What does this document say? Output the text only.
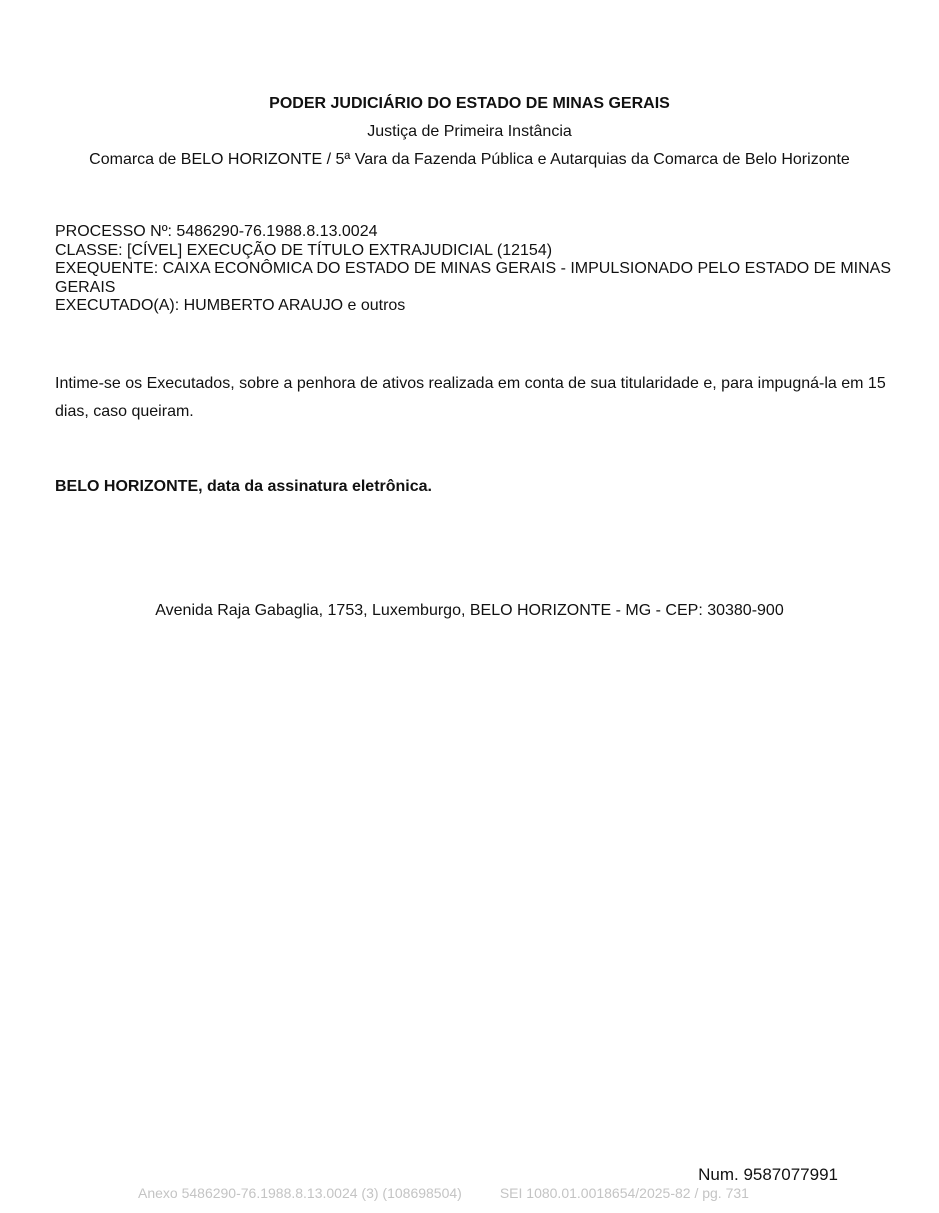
PODER JUDICIÁRIO DO ESTADO DE MINAS GERAIS
Justiça de Primeira Instância
Comarca de BELO HORIZONTE / 5ª Vara da Fazenda Pública e Autarquias da Comarca de Belo Horizonte
PROCESSO Nº: 5486290-76.1988.8.13.0024
CLASSE: [CÍVEL] EXECUÇÃO DE TÍTULO EXTRAJUDICIAL (12154)
EXEQUENTE: CAIXA ECONÔMICA DO ESTADO DE MINAS GERAIS - IMPULSIONADO PELO ESTADO DE MINAS GERAIS
EXECUTADO(A): HUMBERTO ARAUJO e outros
Intime-se os Executados, sobre a penhora de ativos realizada em conta de sua titularidade e, para impugná-la em 15 dias, caso queiram.
BELO HORIZONTE, data da assinatura eletrônica.
Avenida Raja Gabaglia, 1753, Luxemburgo, BELO HORIZONTE - MG - CEP: 30380-900
Num. 9587077991
Anexo 5486290-76.1988.8.13.0024 (3) (108698504)	SEI 1080.01.0018654/2025-82 / pg. 731
